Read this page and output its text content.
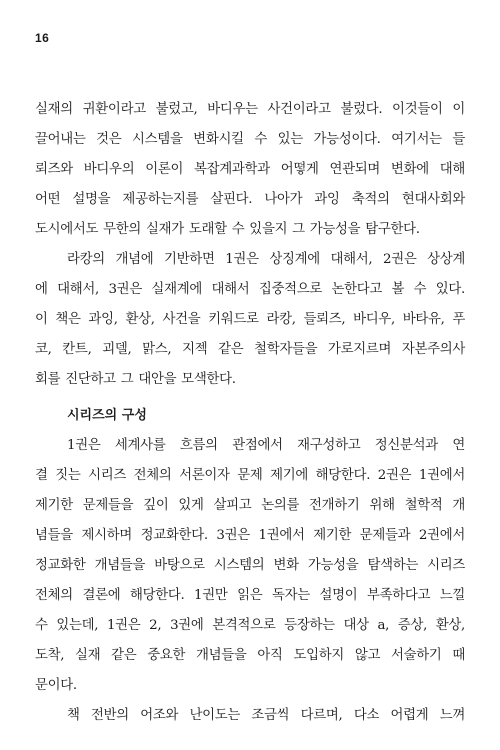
16

실재의 귀환이라고 불렀고, 바디우는 사건이라고 불렀다. 이것들이 이
끌어내는 것은 시스템을 변화시킬 수 있는 가능성이다. 여기서는 들
뢰즈와 바디우의 이론이 복잡계과학과 어떻게 연관되며 변화에 대해
어떤 설명을 제공하는지를 살핀다. 나아가 과잉 축적의 현대사회와
도시에서도 무한의 실재가 도래할 수 있을지 그 가능성을 탐구한다.

라캉의 개념에 기반하면 1권은 상징계에 대해서, 2권은 상상계
에 대해서, 3권은 실재계에 대해서 집중적으로 논한다고 볼 수 있다.
이 책은 과잉, 환상, 사건을 키워드로 라캉, 들뢰즈, 바디우, 바타유, 푸
코, 칸트, 괴델, 맑스, 지젝 같은 철학자들을 가로지르며 자본주의사
회를 진단하고 그 대안을 모색한다.

시리즈의 구성

1권은 세계사를 흐름의 관점에서 재구성하고 정신분석과 연
결 짓는 시리즈 전체의 서론이자 문제 제기에 해당한다. 2권은 1권에서
제기한 문제들을 깊이 있게 살피고 논의를 전개하기 위해 철학적 개
념들을 제시하며 정교화한다. 3권은 1권에서 제기한 문제들과 2권에서
정교화한 개념들을 바탕으로 시스템의 변화 가능성을 탐색하는 시리즈
전체의 결론에 해당한다. 1권만 읽은 독자는 설명이 부족하다고 느낄
수 있는데, 1권은 2, 3권에 본격적으로 등장하는 대상 a, 증상, 환상,
도착, 실재 같은 중요한 개념들을 아직 도입하지 않고 서술하기 때
문이다.

책 전반의 어조와 난이도는 조금씩 다르며, 다소 어렵게 느껴
